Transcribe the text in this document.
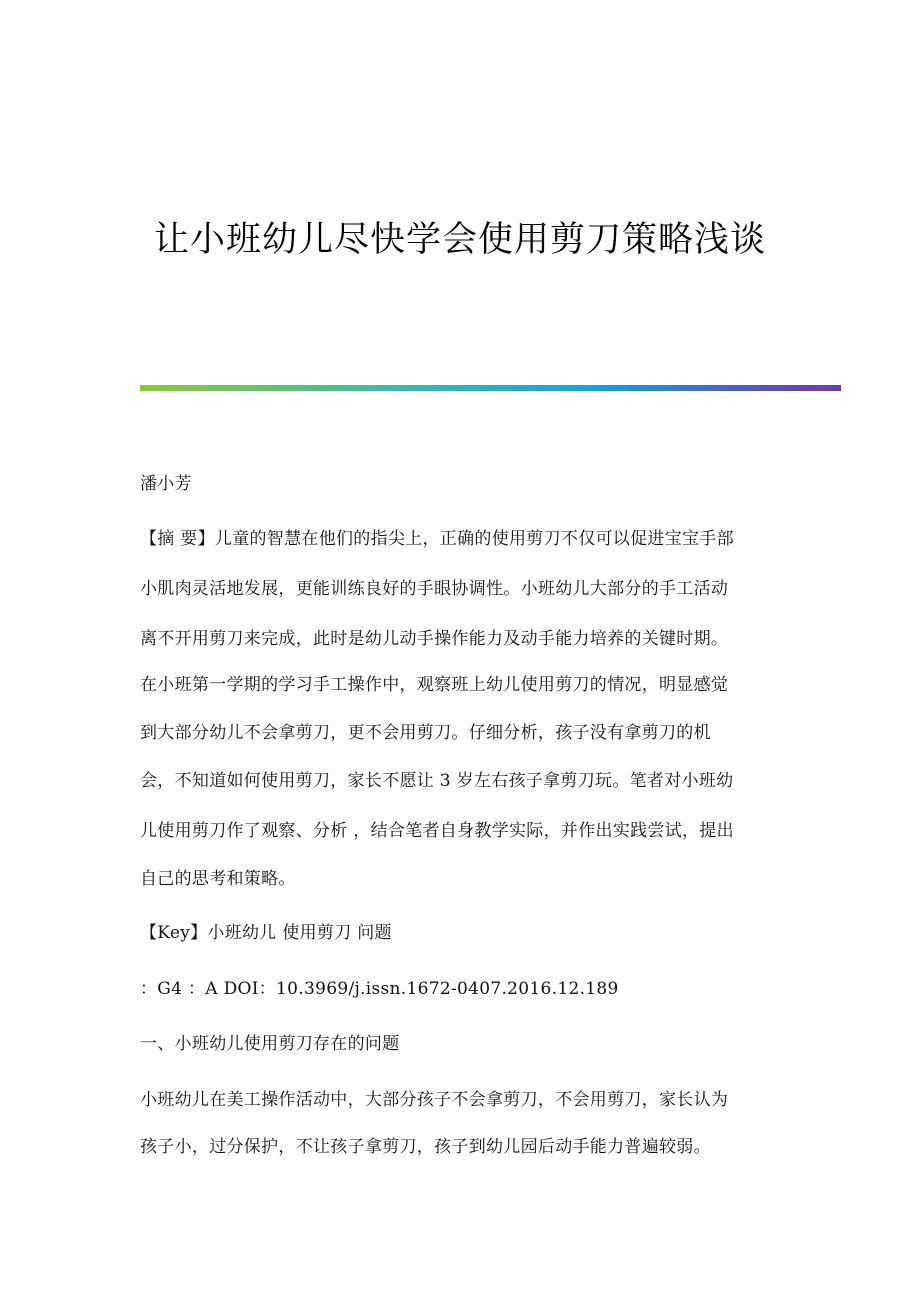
让小班幼儿尽快学会使用剪刀策略浅谈

潘小芳

【摘 要】儿童的智慧在他们的指尖上，正确的使用剪刀不仅可以促进宝宝手部

小肌肉灵活地发展，更能训练良好的手眼协调性。小班幼儿大部分的手工活动

离不开用剪刀来完成，此时是幼儿动手操作能力及动手能力培养的关键时期。

在小班第一学期的学习手工操作中，观察班上幼儿使用剪刀的情况，明显感觉

到大部分幼儿不会拿剪刀，更不会用剪刀。仔细分析，孩子没有拿剪刀的机

会，不知道如何使用剪刀，家长不愿让 3 岁左右孩子拿剪刀玩。笔者对小班幼

儿使用剪刀作了观察、分析 ，结合笔者自身教学实际，并作出实践尝试，提出

自己的思考和策略。

【Key】小班幼儿 使用剪刀 问题

：G4 ：A DOI：10.3969/j.issn.1672-0407.2016.12.189

一、小班幼儿使用剪刀存在的问题

小班幼儿在美工操作活动中，大部分孩子不会拿剪刀，不会用剪刀，家长认为

孩子小，过分保护，不让孩子拿剪刀，孩子到幼儿园后动手能力普遍较弱。
